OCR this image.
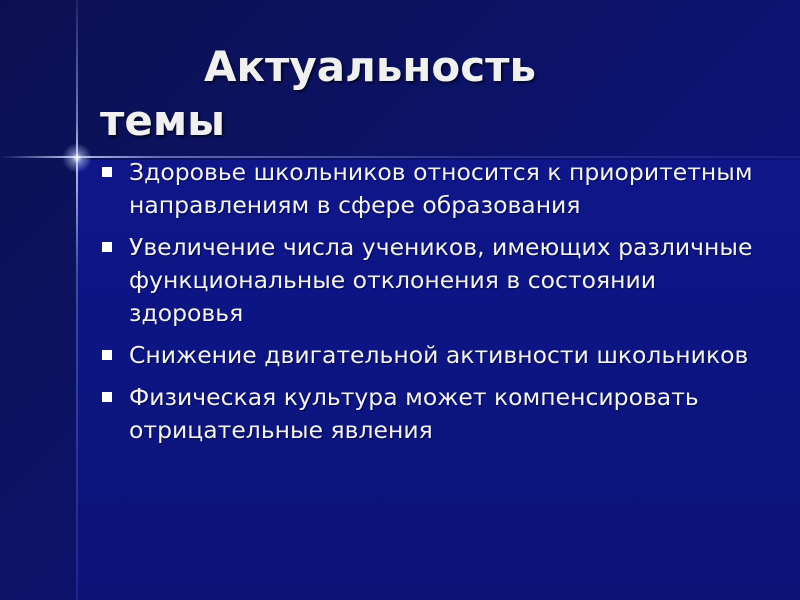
Актуальность
темы
Здоровье школьников относится к приоритетным направлениям в сфере образования
Увеличение числа учеников, имеющих различные функциональные отклонения в состоянии здоровья
Снижение двигательной активности школьников
Физическая культура может компенсировать отрицательные явления
